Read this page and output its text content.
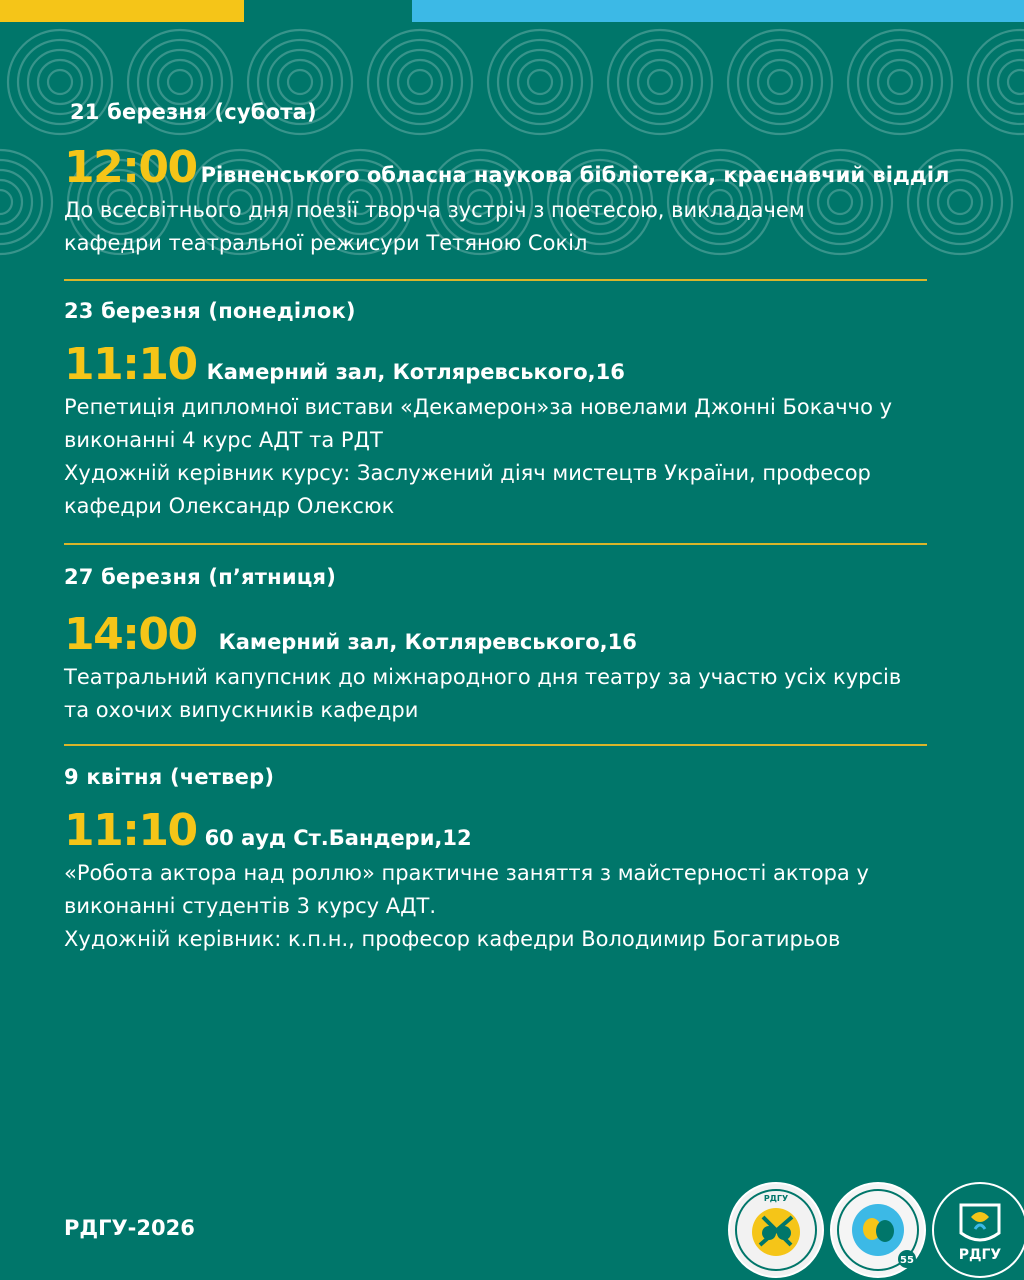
21 березня (субота)
12:00 Рівненського обласна наукова бібліотека, краєнавчий відділ
До всесвітнього дня поезії творча зустріч з поетесою, викладачем
кафедри театральної режисури Тетяною Сокіл
23 березня (понеділок)
11:10 Камерний зал, Котляревського,16
Репетиція дипломної вистави «Декамерон»за новелами Джонні Бокаччо у
виконанні 4 курс АДТ та РДТ
Художній керівник курсу: Заслужений діяч мистецтв України, професор
кафедри Олександр Олексюк
27 березня (п’ятниця)
14:00 Камерний зал, Котляревського,16
Театральний капупсник до міжнародного дня театру за участю усіх курсів
та охочих випускників кафедри
9 квітня (четвер)
11:10 60 ауд Ст.Бандери,12
«Робота актора над роллю» практичне заняття з майстерності актора у
виконанні студентів 3 курсу АДТ.
Художній керівник: к.п.н., професор кафедри Володимир Богатирьов
РДГУ-2026
РДГУ
55	РДГУ
